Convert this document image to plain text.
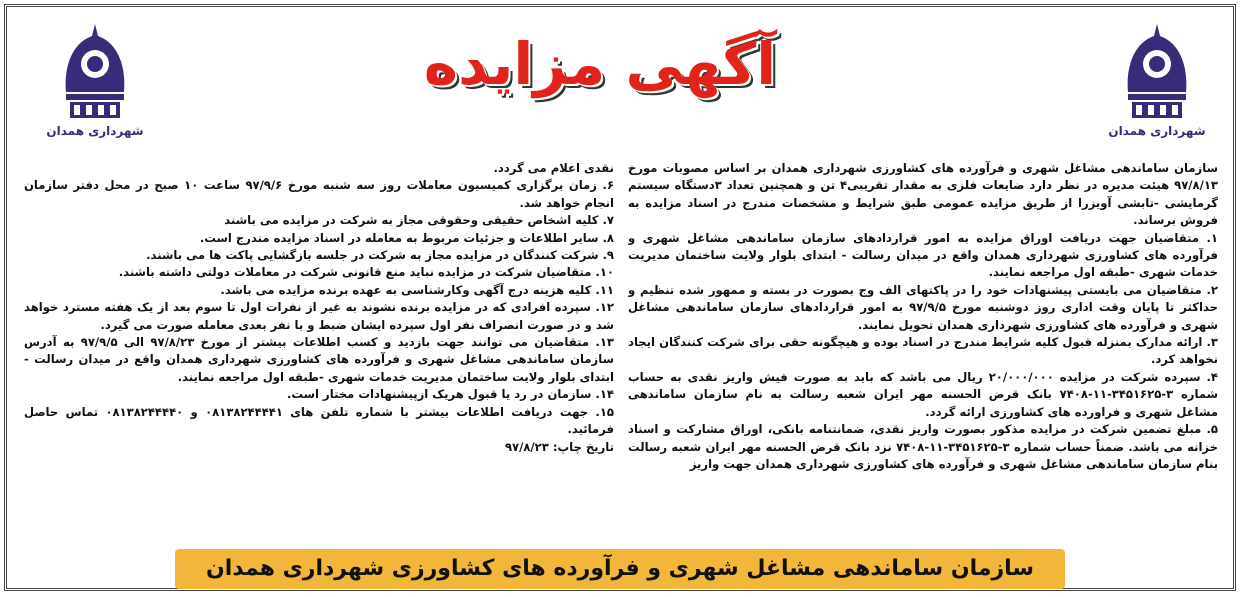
شهرداری همدان
شهرداری همدان
آگهی مزایده

سازمان ساماندهی مشاغل شهری و فرآورده های کشاورزی شهرداری همدان بر اساس مصوبات مورخ ۹۷/۸/۱۳ هیئت مدیره در نظر دارد ضایعات فلزی به مقدار تقریبی۴ تن و همچنین تعداد ۳دستگاه سیستم گرمایشی -تابشی آویزرا از طریق مزایده عمومی طبق شرایط و مشخصات مندرج در اسناد مزایده به فروش برساند.

۱. متقاضیان جهت دریافت اوراق مزایده به امور قراردادهای سازمان ساماندهی مشاغل شهری و فرآورده های کشاورزی شهرداری همدان واقع در میدان رسالت - ابتدای بلوار ولایت ساختمان مدیریت خدمات شهری -طبقه اول مراجعه نمایند.

۲. متقاضیان می بایستی پیشنهادات خود را در پاکتهای الف وج بصورت در بسته و ممهور شده تنظیم و حداکثر تا پایان وقت اداری روز دوشنبه مورخ ۹۷/۹/۵ به امور قراردادهای سازمان ساماندهی مشاغل شهری و فرآورده های کشاورزی شهرداری همدان تحویل نمایند.

۳. ارائه مدارک بمنزله قبول کلیه شرایط مندرج در اسناد بوده و هیچگونه حقی برای شرکت کنندگان ایجاد نخواهد کرد.

۴. سپرده شرکت در مزایده ۲۰/۰۰۰/۰۰۰ ریال می باشد که باید به صورت فیش واریز نقدی به حساب شماره ۳-۳۴۵۱۶۲۵-۱۱-۷۴۰۸ بانک قرض الحسنه مهر ایران شعبه رسالت به نام سازمان ساماندهی مشاغل شهری و فراورده های کشاورزی ارائه گردد.

۵. مبلغ تضمین شرکت در مزایده مذکور بصورت واریز نقدی، ضمانتنامه بانکی، اوراق مشارکت و اسناد خزانه می باشد. ضمناً حساب شماره ۳-۳۴۵۱۶۲۵-۱۱-۷۴۰۸ نزد بانک قرض الحسنه مهر ایران شعبه رسالت بنام سازمان ساماندهی مشاغل شهری و فرآورده های کشاورزی شهرداری همدان جهت واریز

نقدی اعلام می گردد.

۶. زمان برگزاری کمیسیون معاملات روز سه شنبه مورخ ۹۷/۹/۶ ساعت ۱۰ صبح در محل دفتر سازمان انجام خواهد شد.

۷. کلیه اشخاص حقیقی وحقوقی مجاز به شرکت در مزایده می باشند

۸. سایر اطلاعات و جزئیات مربوط به معامله در اسناد مزایده مندرج است.

۹. شرکت کنندگان در مزایده مجاز به شرکت در جلسه بازگشایی پاکت ها می باشند.

۱۰. متقاضیان شرکت در مزایده نباید منع قانونی شرکت در معاملات دولتی داشته باشند.

۱۱. کلیه هزینه درج آگهی وکارشناسی به عهده برنده مزایده می باشد.

۱۲. سپرده افرادی که در مزایده برنده نشوند به غیر از نفرات اول تا سوم بعد از یک هفته مسترد خواهد شد و در صورت انصراف نفر اول سپرده ایشان ضبط و با نفر بعدی معامله صورت می گیرد.

۱۳. متقاضیان می توانند جهت بازدید و کسب اطلاعات بیشتر از مورخ ۹۷/۸/۲۳ الی ۹۷/۹/۵ به آدرس سازمان ساماندهی مشاغل شهری و فرآورده های کشاورزی شهرداری همدان واقع در میدان رسالت - ابتدای بلوار ولایت ساختمان مدیریت خدمات شهری -طبقه اول مراجعه نمایند.

۱۴. سازمان در رد یا قبول هریک ازپیشنهادات مختار است.

۱۵. جهت دریافت اطلاعات بیشتر با شماره تلفن های ۰۸۱۳۸۲۴۴۴۴۱ و ۰۸۱۳۸۲۴۴۴۴۰ تماس حاصل فرمائید.

تاریخ چاپ: ۹۷/۸/۲۳

سازمان ساماندهی مشاغل شهری و فرآورده های کشاورزی شهرداری همدان
